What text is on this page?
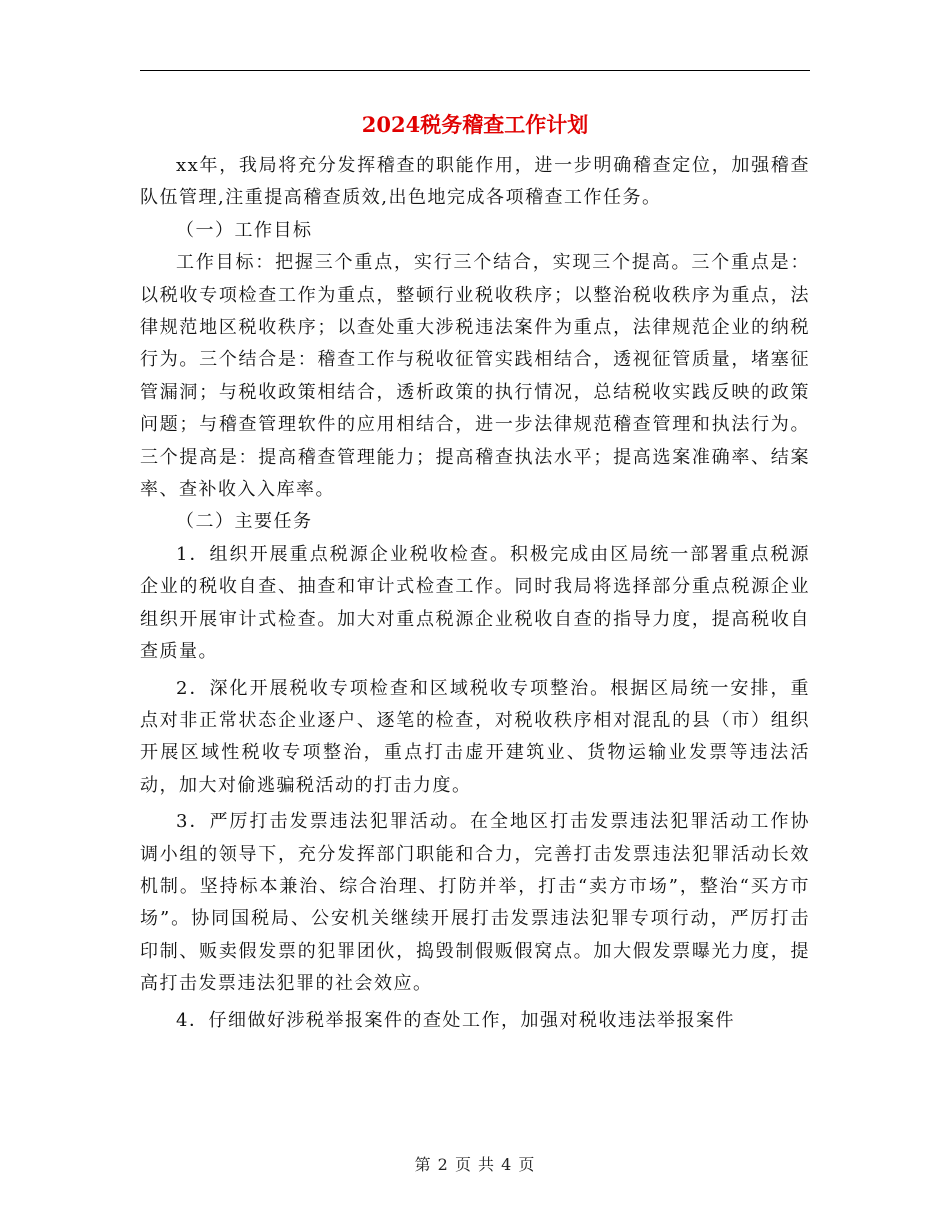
2024税务稽查工作计划

xx年，我局将充分发挥稽查的职能作用，进一步明确稽查定位，加强稽查队伍管理,注重提高稽查质效,出色地完成各项稽查工作任务。

（一）工作目标

工作目标：把握三个重点，实行三个结合，实现三个提高。三个重点是：以税收专项检查工作为重点，整顿行业税收秩序；以整治税收秩序为重点，法律规范地区税收秩序；以查处重大涉税违法案件为重点，法律规范企业的纳税行为。三个结合是：稽查工作与税收征管实践相结合，透视征管质量，堵塞征管漏洞；与税收政策相结合，透析政策的执行情况，总结税收实践反映的政策问题；与稽查管理软件的应用相结合，进一步法律规范稽查管理和执法行为。三个提高是：提高稽查管理能力；提高稽查执法水平；提高选案准确率、结案率、查补收入入库率。

（二）主要任务

1．组织开展重点税源企业税收检查。积极完成由区局统一部署重点税源企业的税收自查、抽查和审计式检查工作。同时我局将选择部分重点税源企业组织开展审计式检查。加大对重点税源企业税收自查的指导力度，提高税收自查质量。

2．深化开展税收专项检查和区域税收专项整治。根据区局统一安排，重点对非正常状态企业逐户、逐笔的检查，对税收秩序相对混乱的县（市）组织开展区域性税收专项整治，重点打击虚开建筑业、货物运输业发票等违法活动，加大对偷逃骗税活动的打击力度。

3．严厉打击发票违法犯罪活动。在全地区打击发票违法犯罪活动工作协调小组的领导下，充分发挥部门职能和合力，完善打击发票违法犯罪活动长效机制。坚持标本兼治、综合治理、打防并举，打击“卖方市场”，整治“买方市场”。协同国税局、公安机关继续开展打击发票违法犯罪专项行动，严厉打击印制、贩卖假发票的犯罪团伙，捣毁制假贩假窝点。加大假发票曝光力度，提高打击发票违法犯罪的社会效应。

4．仔细做好涉税举报案件的查处工作，加强对税收违法举报案件

第 2 页 共 4 页
